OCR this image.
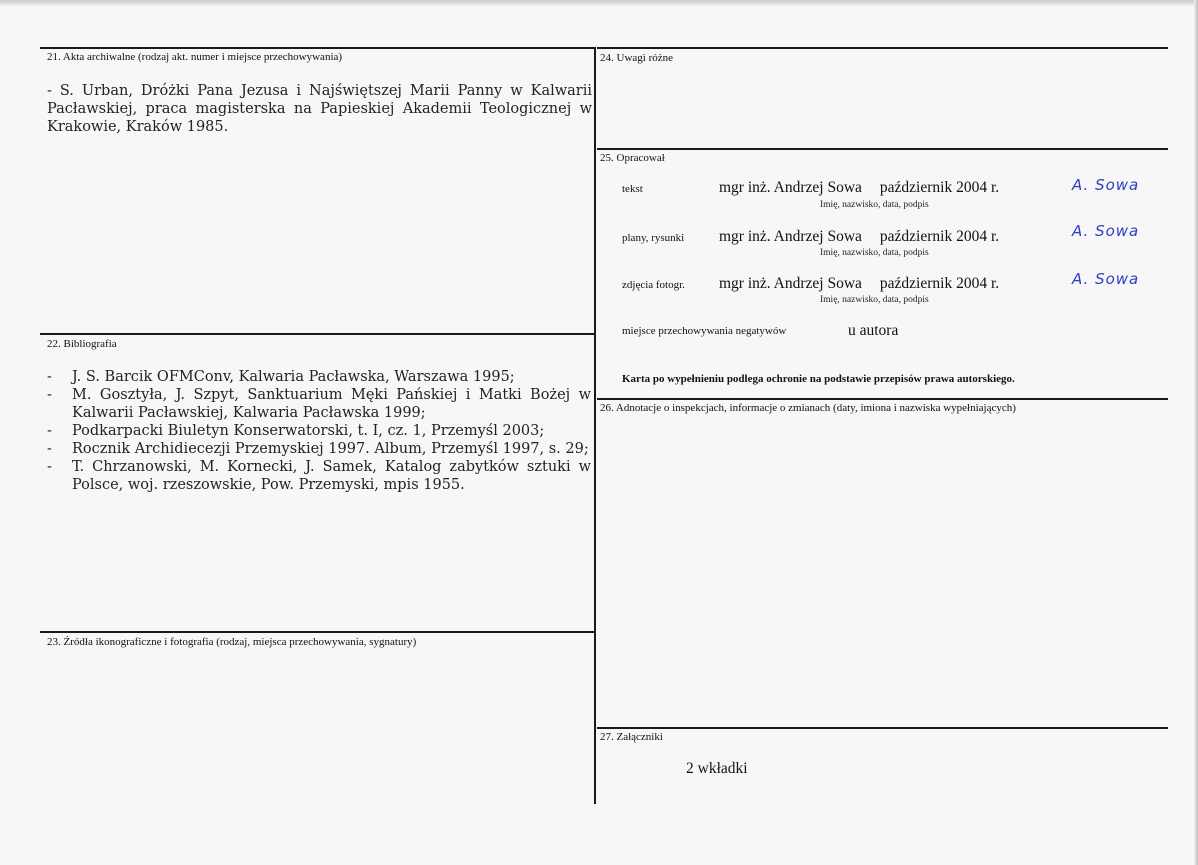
21. Akta archiwalne (rodzaj akt. numer i miejsce przechowywania)
- S. Urban, Dróżki Pana Jezusa i Najświętszej Marii Panny w Kalwarii Pacławskiej, praca magisterska na Papieskiej Akademii Teologicznej w Krakowie, Kraków 1985.
22. Bibliografia
- J. S. Barcik OFMConv, Kalwaria Pacławska, Warszawa 1995;
- M. Gosztyła, J. Szpyt, Sanktuarium Męki Pańskiej i Matki Bożej w Kalwarii Pacławskiej, Kalwaria Pacławska 1999;
- Podkarpacki Biuletyn Konserwatorski, t. I, cz. 1, Przemyśl 2003;
- Rocznik Archidiecezji Przemyskiej 1997. Album, Przemyśl 1997, s. 29;
- T. Chrzanowski, M. Kornecki, J. Samek, Katalog zabytków sztuki w Polsce, woj. rzeszowskie, Pow. Przemyski, mpis 1955.
23. Źródła ikonograficzne i fotografia (rodzaj, miejsca przechowywania, sygnatury)
24. Uwagi różne
25. Opracował
tekst	mgr inż. Andrzej Sowa październik 2004 r.
Imię, nazwisko, data, podpis
A. Sowa
plany, rysunki mgr inż. Andrzej Sowa październik 2004 r.
Imię, nazwisko, data, podpis
A. Sowa
zdjęcia fotogr. mgr inż. Andrzej Sowa październik 2004 r.
Imię, nazwisko, data, podpis
A. Sowa
miejsce przechowywania negatywów	u autora
Karta po wypełnieniu podlega ochronie na podstawie przepisów prawa autorskiego.
26. Adnotacje o inspekcjach, informacje o zmianach (daty, imiona i nazwiska wypełniających)
27. Załączniki
2 wkładki
